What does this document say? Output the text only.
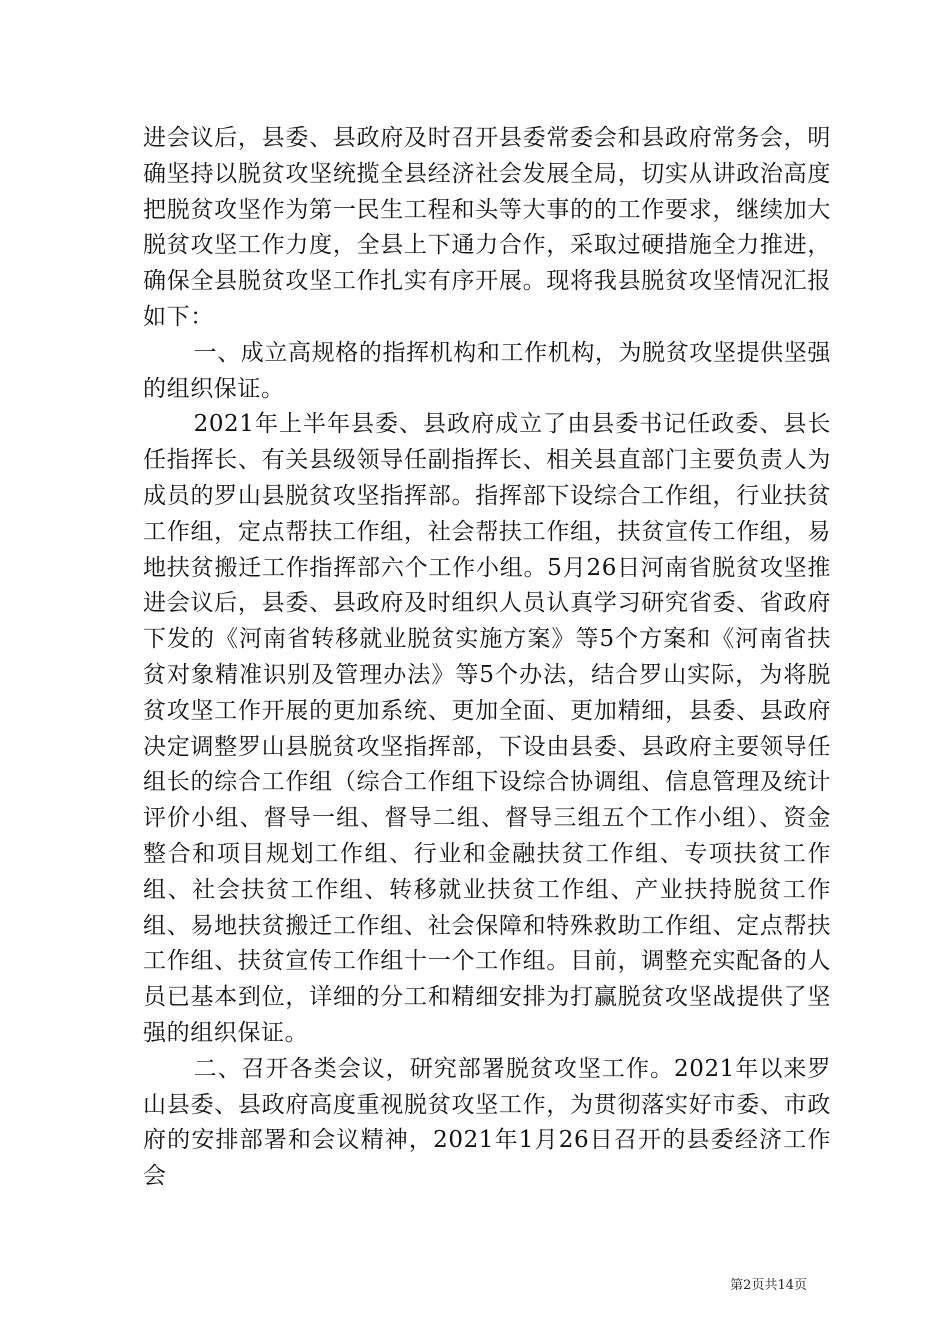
进会议后，县委、县政府及时召开县委常委会和县政府常务会，明确坚持以脱贫攻坚统揽全县经济社会发展全局，切实从讲政治高度把脱贫攻坚作为第一民生工程和头等大事的的工作要求，继续加大脱贫攻坚工作力度，全县上下通力合作，采取过硬措施全力推进，确保全县脱贫攻坚工作扎实有序开展。现将我县脱贫攻坚情况汇报如下：

一、成立高规格的指挥机构和工作机构，为脱贫攻坚提供坚强的组织保证。

2021年上半年县委、县政府成立了由县委书记任政委、县长任指挥长、有关县级领导任副指挥长、相关县直部门主要负责人为成员的罗山县脱贫攻坚指挥部。指挥部下设综合工作组，行业扶贫工作组，定点帮扶工作组，社会帮扶工作组，扶贫宣传工作组，易地扶贫搬迁工作指挥部六个工作小组。5月26日河南省脱贫攻坚推进会议后，县委、县政府及时组织人员认真学习研究省委、省政府下发的《河南省转移就业脱贫实施方案》等5个方案和《河南省扶贫对象精准识别及管理办法》等5个办法，结合罗山实际，为将脱贫攻坚工作开展的更加系统、更加全面、更加精细，县委、县政府决定调整罗山县脱贫攻坚指挥部，下设由县委、县政府主要领导任组长的综合工作组（综合工作组下设综合协调组、信息管理及统计评价小组、督导一组、督导二组、督导三组五个工作小组）、资金整合和项目规划工作组、行业和金融扶贫工作组、专项扶贫工作组、社会扶贫工作组、转移就业扶贫工作组、产业扶持脱贫工作组、易地扶贫搬迁工作组、社会保障和特殊救助工作组、定点帮扶工作组、扶贫宣传工作组十一个工作组。目前，调整充实配备的人员已基本到位，详细的分工和精细安排为打赢脱贫攻坚战提供了坚强的组织保证。

二、召开各类会议，研究部署脱贫攻坚工作。2021年以来罗山县委、县政府高度重视脱贫攻坚工作，为贯彻落实好市委、市政府的安排部署和会议精神，2021年1月26日召开的县委经济工作会

第2页共14页
